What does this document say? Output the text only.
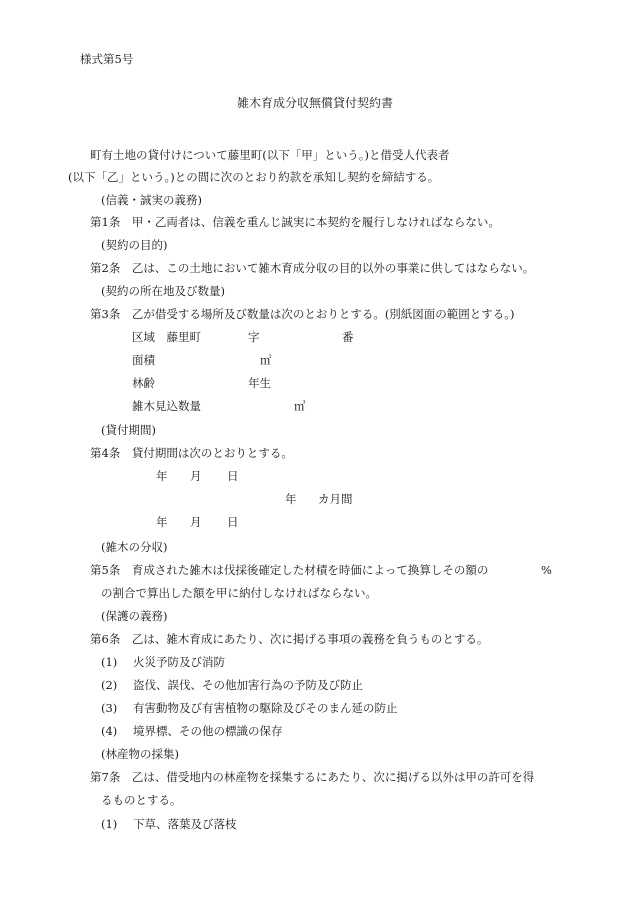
様式第5号
雑木育成分収無償貸付契約書
町有土地の貸付けについて藤里町(以下「甲」という。)と借受人代表者
(以下「乙」という。)との間に次のとおり約款を承知し契約を締結する。
(信義・誠実の義務)
第1条　甲・乙両者は、信義を重んじ誠実に本契約を履行しなければならない。
(契約の目的)
第2条　乙は、この土地において雑木育成分収の目的以外の事業に供してはならない。
(契約の所在地及び数量)
第3条　乙が借受する場所及び数量は次のとおりとする。(別紙図面の範囲とする。)
区域　藤里町	字	番
面積	㎡
林齢	年生
雑木見込数量	㎥
(貸付期間)
第4条　貸付期間は次のとおりとする。
年 月 日
年 カ月間
年 月 日
(雑木の分収)
第5条　育成された雑木は伐採後確定した材積を時価によって換算しその額の	%
の割合で算出した額を甲に納付しなければならない。
(保護の義務)
第6条　乙は、雑木育成にあたり、次に掲げる事項の義務を負うものとする。
(1) 火災予防及び消防
(2) 盗伐、誤伐、その他加害行為の予防及び防止
(3) 有害動物及び有害植物の駆除及びそのまん延の防止
(4) 境界標、その他の標識の保存
(林産物の採集)
第7条　乙は、借受地内の林産物を採集するにあたり、次に掲げる以外は甲の許可を得
るものとする。
(1) 下草、落葉及び落枝
